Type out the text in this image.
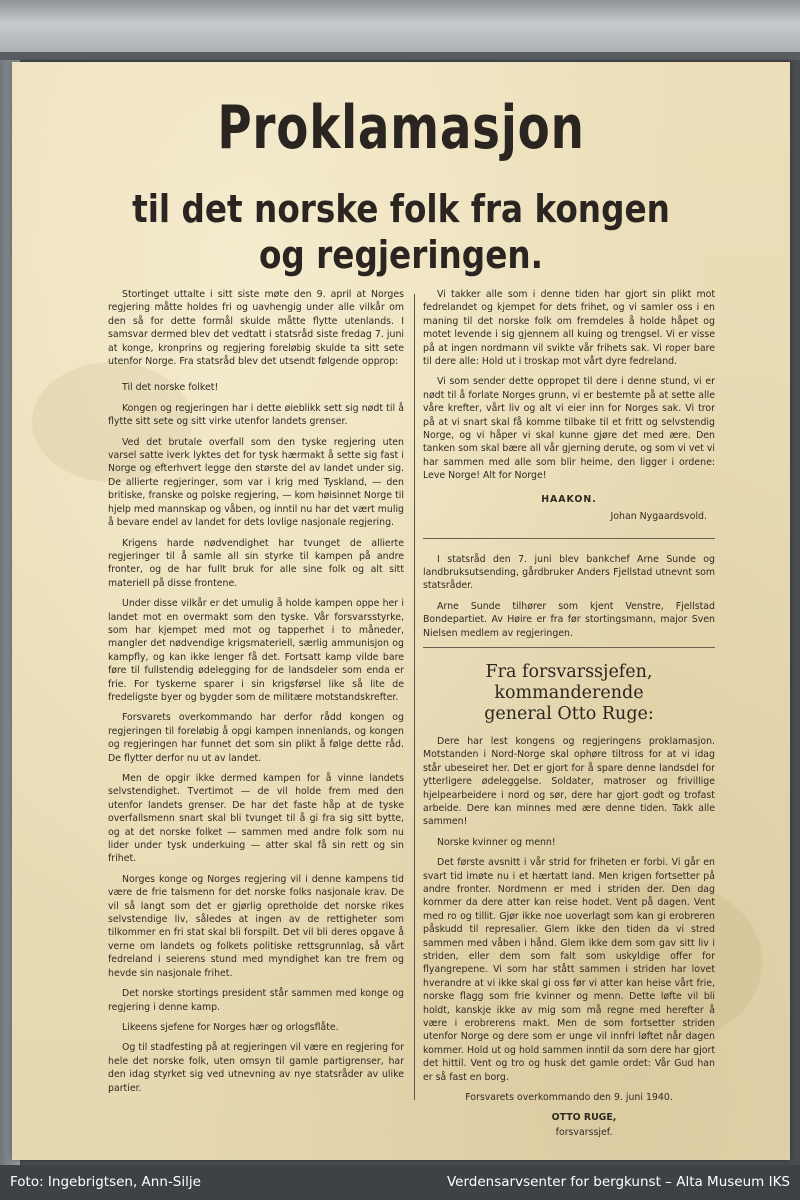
Proklamasjon
til det norske folk fra kongen
og regjeringen.

Stortinget uttalte i sitt siste møte den 9. april at Norges regjering måtte holdes fri og uavhengig under alle vilkår om den så for dette formål skulde måtte flytte utenlands. I samsvar dermed blev det vedtatt i statsråd siste fredag 7. juni at konge, kronprins og regjering foreløbig skulde ta sitt sete utenfor Norge. Fra statsråd blev det utsendt følgende opprop:

Til det norske folket!

Kongen og regjeringen har i dette øieblikk sett sig nødt til å flytte sitt sete og sitt virke utenfor landets grenser.

Ved det brutale overfall som den tyske regjering uten varsel satte iverk lyktes det for tysk hærmakt å sette sig fast i Norge og efterhvert legge den største del av landet under sig. De allierte regjeringer, som var i krig med Tyskland, — den britiske, franske og polske regjering, — kom høisinnet Norge til hjelp med mannskap og våben, og inntil nu har det vært mulig å bevare endel av landet for dets lovlige nasjonale regjering.

Krigens harde nødvendighet har tvunget de allierte regjeringer til å samle all sin styrke til kampen på andre fronter, og de har fullt bruk for alle sine folk og alt sitt materiell på disse frontene.

Under disse vilkår er det umulig å holde kampen oppe her i landet mot en overmakt som den tyske. Vår forsvarsstyrke, som har kjempet med mot og tapperhet i to måneder, mangler det nødvendige krigsmateriell, særlig ammunisjon og kampfly, og kan ikke lenger få det. Fortsatt kamp vilde bare føre til fullstendig ødelegging for de landsdeler som enda er frie. For tyskerne sparer i sin krigsførsel like så lite de fredeligste byer og bygder som de militære motstandskrefter.

Forsvarets overkommando har derfor rådd kongen og regjeringen til foreløbig å opgi kampen innenlands, og kongen og regjeringen har funnet det som sin plikt å følge dette råd. De flytter derfor nu ut av landet.

Men de opgir ikke dermed kampen for å vinne landets selvstendighet. Tvertimot — de vil holde frem med den utenfor landets grenser. De har det faste håp at de tyske overfallsmenn snart skal bli tvunget til å gi fra sig sitt bytte, og at det norske folket — sammen med andre folk som nu lider under tysk underkuing — atter skal få sin rett og sin frihet.

Norges konge og Norges regjering vil i denne kampens tid være de frie talsmenn for det norske folks nasjonale krav. De vil så langt som det er gjørlig opretholde det norske rikes selvstendige liv, således at ingen av de rettigheter som tilkommer en fri stat skal bli forspilt. Det vil bli deres opgave å verne om landets og folkets politiske rettsgrunnlag, så vårt fedreland i seierens stund med myndighet kan tre frem og hevde sin nasjonale frihet.

Det norske stortings president står sammen med konge og regjering i denne kamp.

Likeens sjefene for Norges hær og orlogsflåte.

Og til stadfesting på at regjeringen vil være en regjering for hele det norske folk, uten omsyn til gamle partigrenser, har den idag styrket sig ved utnevning av nye statsråder av ulike partier.

Vi takker alle som i denne tiden har gjort sin plikt mot fedrelandet og kjempet for dets frihet, og vi samler oss i en maning til det norske folk om fremdeles å holde håpet og motet levende i sig gjennem all kuing og trengsel. Vi er visse på at ingen nordmann vil svikte vår frihets sak. Vi roper bare til dere alle: Hold ut i troskap mot vårt dyre fedreland.

Vi som sender dette oppropet til dere i denne stund, vi er nødt til å forlate Norges grunn, vi er bestemte på at sette alle våre krefter, vårt liv og alt vi eier inn for Norges sak. Vi tror på at vi snart skal få komme tilbake til et fritt og selvstendig Norge, og vi håper vi skal kunne gjøre det med ære. Den tanken som skal bære all vår gjerning derute, og som vi vet vi har sammen med alle som blir heime, den ligger i ordene: Leve Norge! Alt for Norge!

HAAKON.
Johan Nygaardsvold.

I statsråd den 7. juni blev bankchef Arne Sunde og landbruksutsending, gårdbruker Anders Fjellstad utnevnt som statsråder.

Arne Sunde tilhører som kjent Venstre, Fjellstad Bondepartiet. Av Høire er fra før stortingsmann, major Sven Nielsen medlem av regjeringen.

Fra forsvarssjefen, kommanderende
general Otto Ruge:

Dere har lest kongens og regjeringens proklamasjon. Motstanden i Nord-Norge skal ophøre tiltross for at vi idag står ubeseiret her. Det er gjort for å spare denne landsdel for ytterligere ødeleggelse. Soldater, matroser og frivillige hjelpearbeidere i nord og sør, dere har gjort godt og trofast arbeide. Dere kan minnes med ære denne tiden. Takk alle sammen!

Norske kvinner og menn!

Det første avsnitt i vår strid for friheten er forbi. Vi går en svart tid imøte nu i et hærtatt land. Men krigen fortsetter på andre fronter. Nordmenn er med i striden der. Den dag kommer da dere atter kan reise hodet. Vent på dagen. Vent med ro og tillit. Gjør ikke noe uoverlagt som kan gi erobreren påskudd til represalier. Glem ikke den tiden da vi stred sammen med våben i hånd. Glem ikke dem som gav sitt liv i striden, eller dem som falt som uskyldige offer for flyangrepene. Vi som har stått sammen i striden har lovet hverandre at vi ikke skal gi oss før vi atter kan heise vårt frie, norske flagg som frie kvinner og menn. Dette løfte vil bli holdt, kanskje ikke av mig som må regne med herefter å være i erobrerens makt. Men de som fortsetter striden utenfor Norge og dere som er unge vil innfri løftet når dagen kommer. Hold ut og hold sammen inntil da som dere har gjort det hittil. Vent og tro og husk det gamle ordet: Vår Gud han er så fast en borg.

Forsvarets overkommando den 9. juni 1940.
OTTO RUGE,
forsvarssjef.
Foto: Ingebrigtsen, Ann-Silje	Verdensarvsenter for bergkunst – Alta Museum IKS
